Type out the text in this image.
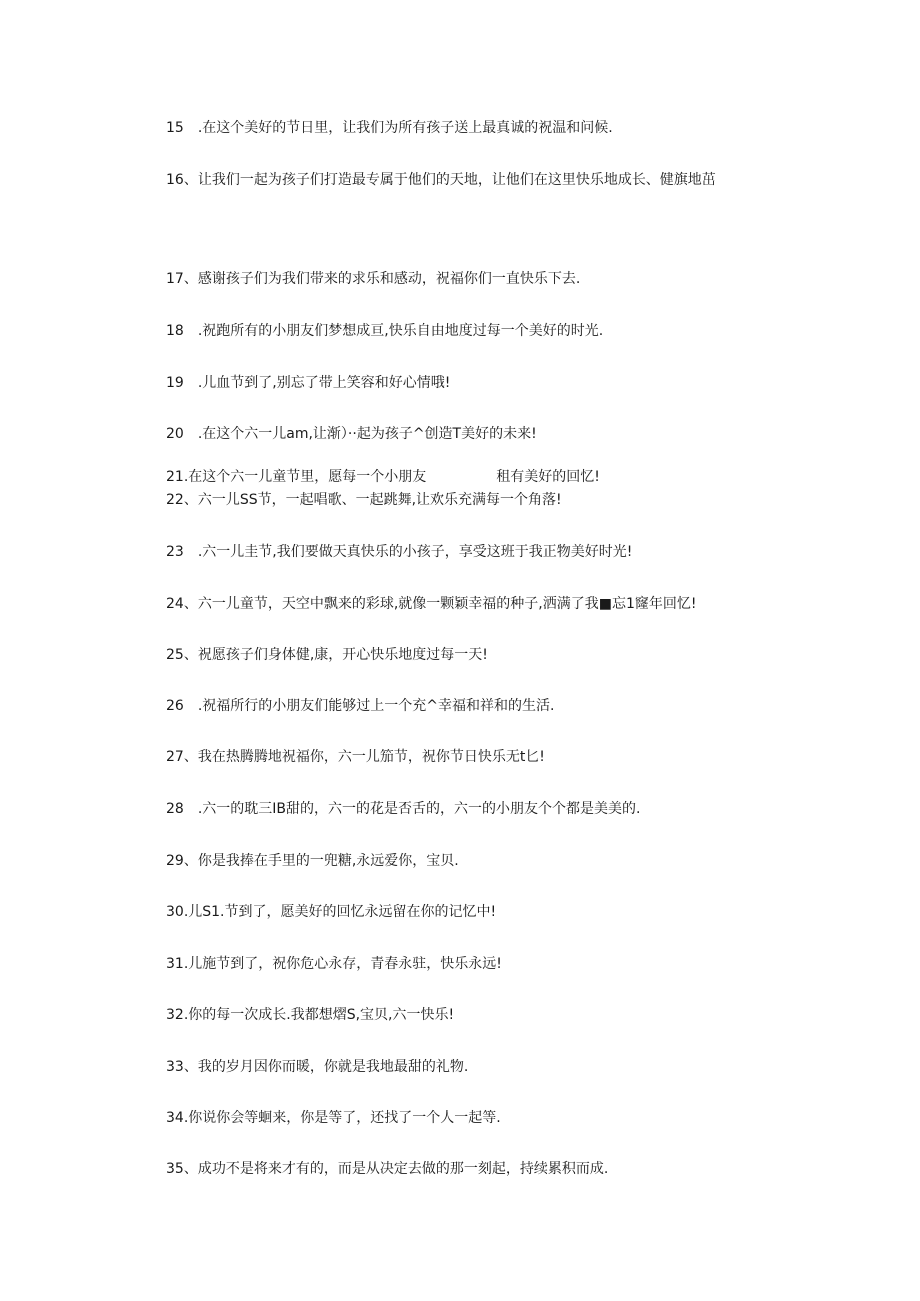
15　.在这个美好的节日里，让我们为所有孩子送上最真诚的祝温和问候.
16、让我们一起为孩子们打造最专属于他们的天地，让他们在这里快乐地成长、健旗地茁
17、感谢孩子们为我们带来的求乐和感动，祝福你们一直快乐下去.
18　.祝跑所有的小朋友们梦想成亘,快乐自由地度过每一个美好的时光.
19　.儿血节到了,别忘了带上笑容和好心情哦!
20　.在这个六一儿am,让渐）··起为孩子^创造T美好的未来!
21.在这个六一儿童节里，愿每一个小朋友　　　　　租有美好的回忆!
22、六一儿SS节，一起唱歌、一起跳舞,让欢乐充满每一个角落!
23　.六一儿圭节,我们要做天真快乐的小孩子，享受这班于我正物美好时光!
24、六一儿童节，天空中飘来的彩球,就像一颗颖幸福的种子,洒满了我■忘1窿年回忆!
25、祝愿孩子们身体健,康，开心快乐地度过每一天!
26　.祝福所行的小朋友们能够过上一个充^幸福和祥和的生活.
27、我在热腾腾地祝福你，六一儿笳节，祝你节日快乐无t匕!
28　.六一的耽三IB甜的，六一的花是否舌的，六一的小朋友个个都是美美的.
29、你是我捧在手里的一兜糖,永远爱你，宝贝.
30.儿S1.节到了，愿美好的回忆永远留在你的记忆中!
31.儿施节到了，祝你危心永存，青春永驻，快乐永远!
32.你的每一次成长.我都想熠S,宝贝,六一快乐!
33、我的岁月因你而暖，你就是我地最甜的礼物.
34.你说你会等蛔来，你是等了，还找了一个人一起等.
35、成功不是将来才有的，而是从决定去做的那一刻起，持续累积而成.
